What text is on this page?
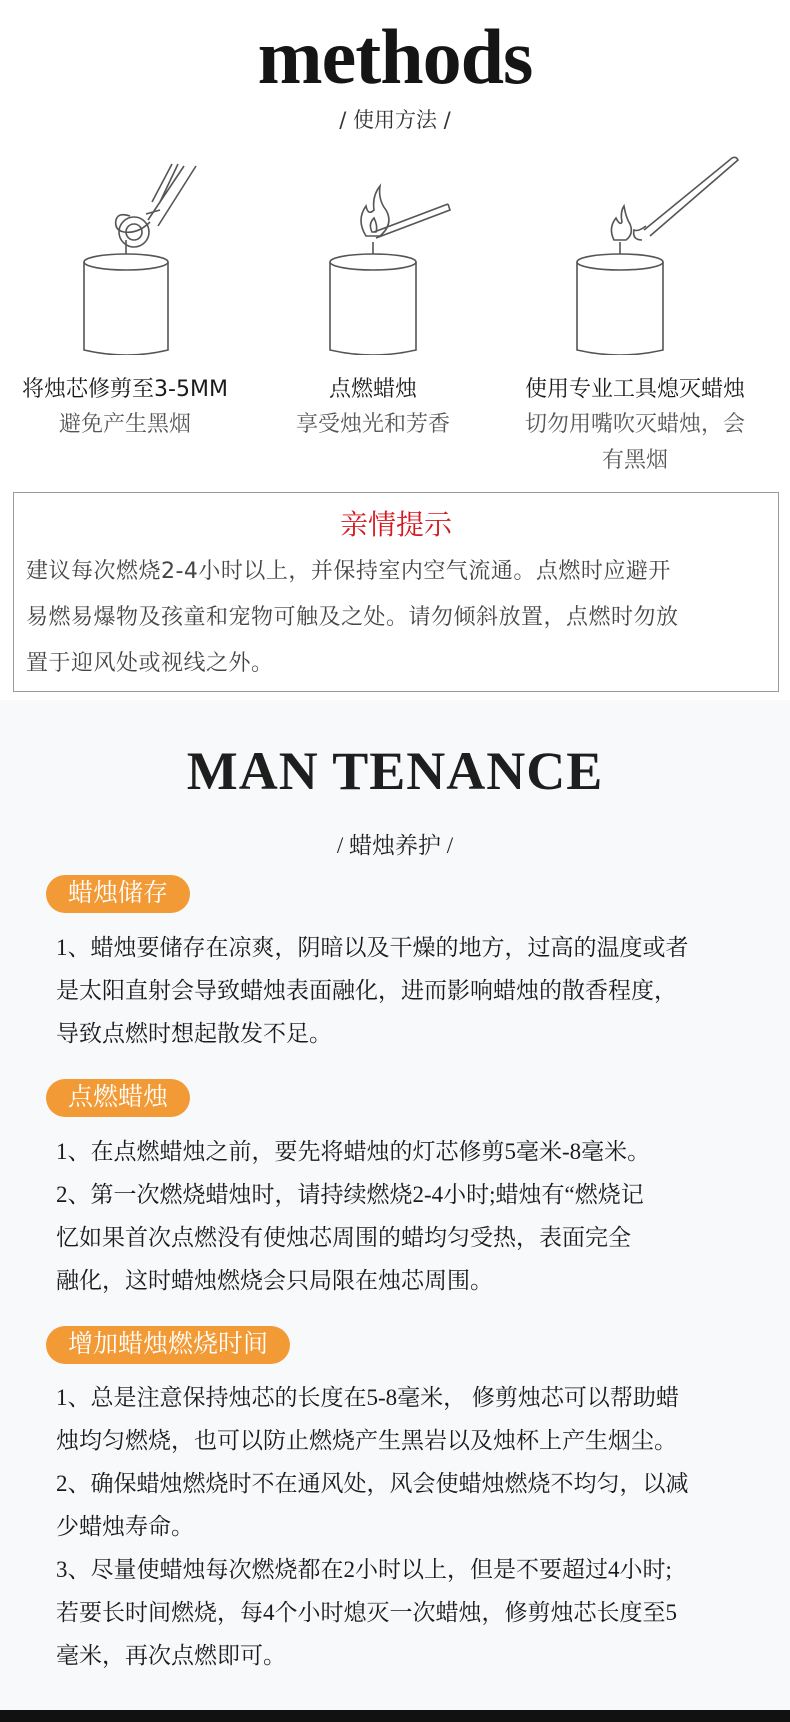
methods
/ 使用方法 /
将烛芯修剪至3-5MM
避免产生黑烟
点燃蜡烛
享受烛光和芳香
使用专业工具熄灭蜡烛
切勿用嘴吹灭蜡烛，会
有黑烟
亲情提示
建议每次燃烧2-4小时以上，并保持室内空气流通。点燃时应避开
易燃易爆物及孩童和宠物可触及之处。请勿倾斜放置，点燃时勿放
置于迎风处或视线之外。
MAN TENANCE
/ 蜡烛养护 /
蜡烛储存

1、蜡烛要储存在凉爽，阴暗以及干燥的地方，过高的温度或者

是太阳直射会导致蜡烛表面融化，进而影响蜡烛的散香程度，

导致点燃时想起散发不足。

点燃蜡烛

1、在点燃蜡烛之前，要先将蜡烛的灯芯修剪5毫米-8毫米。

2、第一次燃烧蜡烛时，请持续燃烧2-4小时;蜡烛有“燃烧记

忆如果首次点燃没有使烛芯周围的蜡均匀受热，表面完全

融化，这时蜡烛燃烧会只局限在烛芯周围。

增加蜡烛燃烧时间

1、总是注意保持烛芯的长度在5-8毫米， 修剪烛芯可以帮助蜡

烛均匀燃烧，也可以防止燃烧产生黑岩以及烛杯上产生烟尘。

2、确保蜡烛燃烧时不在通风处，风会使蜡烛燃烧不均匀，以减

少蜡烛寿命。

3、尽量使蜡烛每次燃烧都在2小时以上，但是不要超过4小时;

若要长时间燃烧，每4个小时熄灭一次蜡烛，修剪烛芯长度至5

毫米，再次点燃即可。
